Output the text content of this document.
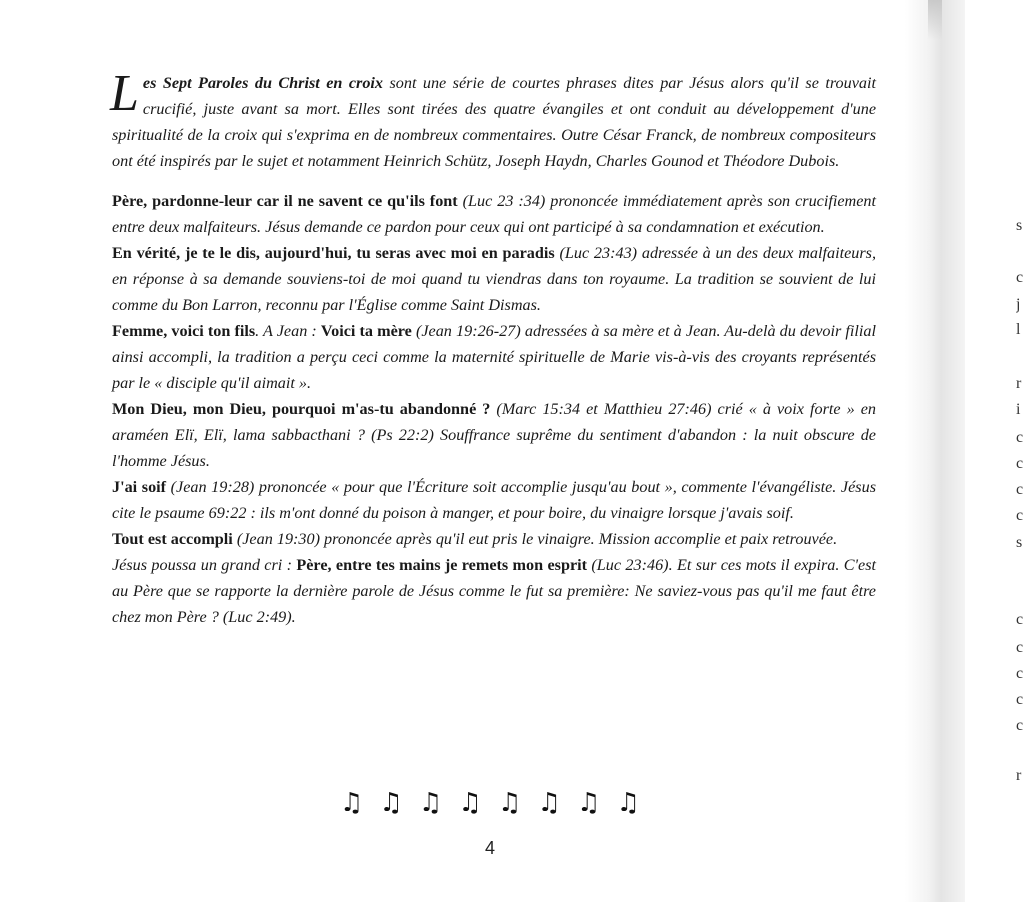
Les Sept Paroles du Christ en croix sont une série de courtes phrases dites par Jésus alors qu'il se trouvait crucifié, juste avant sa mort. Elles sont tirées des quatre évangiles et ont conduit au développement d'une spiritualité de la croix qui s'exprima en de nombreux commentaires. Outre César Franck, de nombreux compositeurs ont été inspirés par le sujet et notamment Heinrich Schütz, Joseph Haydn, Charles Gounod et Théodore Dubois.

Père, pardonne-leur car il ne savent ce qu'ils font (Luc 23 :34) prononcée immédiatement après son crucifiement entre deux malfaiteurs. Jésus demande ce pardon pour ceux qui ont participé à sa condamnation et exécution.

En vérité, je te le dis, aujourd'hui, tu seras avec moi en paradis (Luc 23:43) adressée à un des deux malfaiteurs, en réponse à sa demande souviens-toi de moi quand tu viendras dans ton royaume. La tradition se souvient de lui comme du Bon Larron, reconnu par l'Église comme Saint Dismas.

Femme, voici ton fils. A Jean : Voici ta mère (Jean 19:26-27) adressées à sa mère et à Jean. Au-delà du devoir filial ainsi accompli, la tradition a perçu ceci comme la maternité spirituelle de Marie vis-à-vis des croyants représentés par le « disciple qu'il aimait ».

Mon Dieu, mon Dieu, pourquoi m'as-tu abandonné ? (Marc 15:34 et Matthieu 27:46) crié « à voix forte » en araméen Elï, Elï, lama sabbacthani ? (Ps 22:2) Souffrance suprême du sentiment d'abandon : la nuit obscure de l'homme Jésus.

J'ai soif (Jean 19:28) prononcée « pour que l'Écriture soit accomplie jusqu'au bout », commente l'évangéliste. Jésus cite le psaume 69:22 : ils m'ont donné du poison à manger, et pour boire, du vinaigre lorsque j'avais soif.

Tout est accompli (Jean 19:30) prononcée après qu'il eut pris le vinaigre. Mission accomplie et paix retrouvée.

Jésus poussa un grand cri : Père, entre tes mains je remets mon esprit (Luc 23:46). Et sur ces mots il expira. C'est au Père que se rapporte la dernière parole de Jésus comme le fut sa première: Ne saviez-vous pas qu'il me faut être chez mon Père ? (Luc 2:49).

♫ ♫ ♫ ♫ ♫ ♫ ♫ ♫
4
s
c
j
l
r
i
c
c
c
c
s
c
c
c
c
c
r
